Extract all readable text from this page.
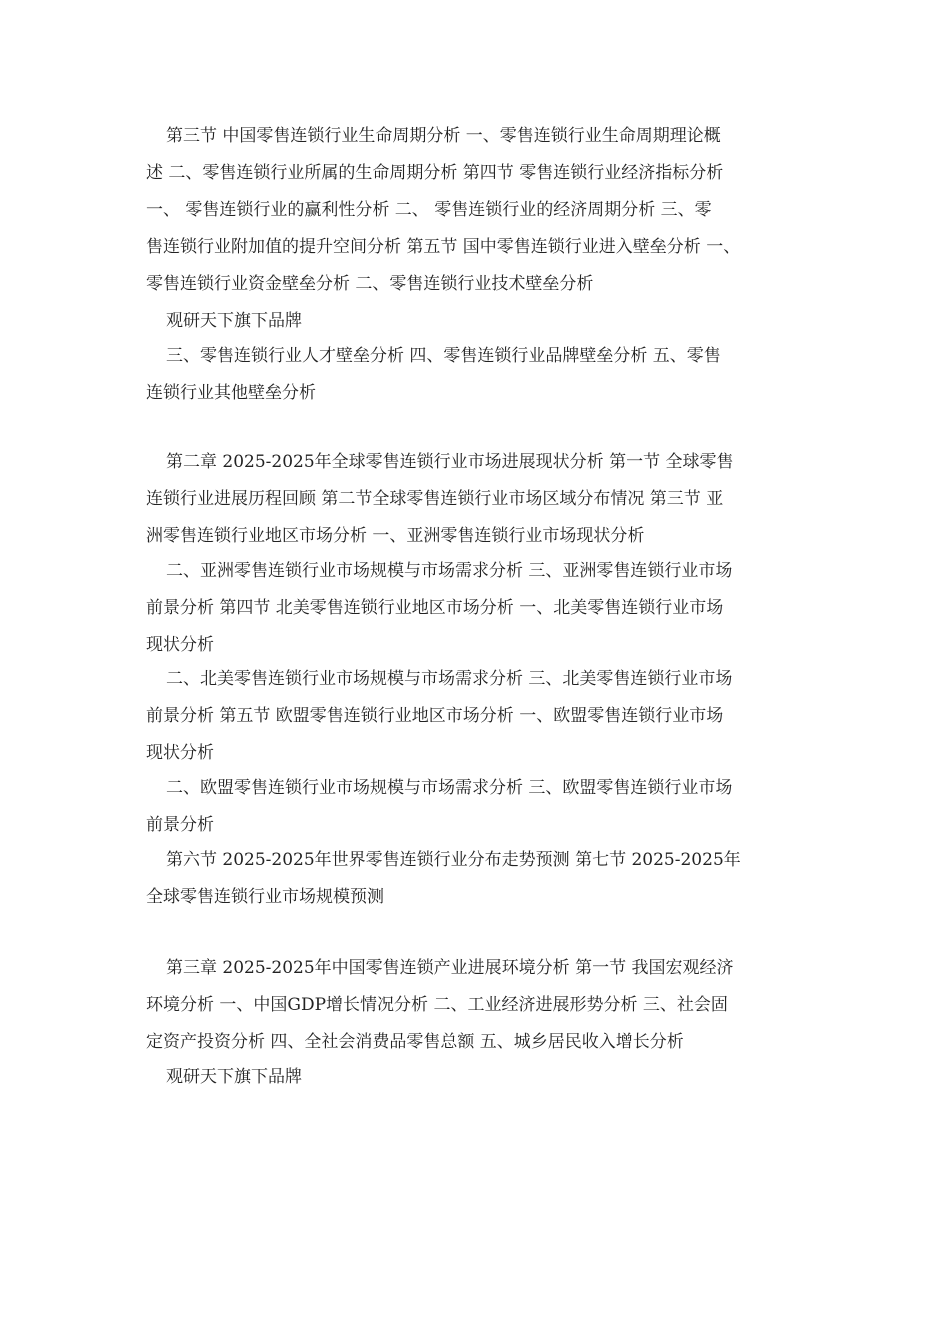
第三节 中国零售连锁行业生命周期分析 一、零售连锁行业生命周期理论概
述 二、零售连锁行业所属的生命周期分析 第四节 零售连锁行业经济指标分析
一、 零售连锁行业的赢利性分析 二、 零售连锁行业的经济周期分析 三、零
售连锁行业附加值的提升空间分析 第五节 国中零售连锁行业进入壁垒分析 一、
零售连锁行业资金壁垒分析 二、零售连锁行业技术壁垒分析

观研天下旗下品牌

三、零售连锁行业人才壁垒分析 四、零售连锁行业品牌壁垒分析 五、零售
连锁行业其他壁垒分析

第二章 2025-2025年全球零售连锁行业市场进展现状分析 第一节 全球零售
连锁行业进展历程回顾 第二节全球零售连锁行业市场区域分布情况 第三节 亚
洲零售连锁行业地区市场分析 一、亚洲零售连锁行业市场现状分析

二、亚洲零售连锁行业市场规模与市场需求分析 三、亚洲零售连锁行业市场
前景分析 第四节 北美零售连锁行业地区市场分析 一、北美零售连锁行业市场
现状分析

二、北美零售连锁行业市场规模与市场需求分析 三、北美零售连锁行业市场
前景分析 第五节 欧盟零售连锁行业地区市场分析 一、欧盟零售连锁行业市场
现状分析

二、欧盟零售连锁行业市场规模与市场需求分析 三、欧盟零售连锁行业市场
前景分析

第六节 2025-2025年世界零售连锁行业分布走势预测 第七节 2025-2025年
全球零售连锁行业市场规模预测

第三章 2025-2025年中国零售连锁产业进展环境分析 第一节 我国宏观经济
环境分析 一、中国GDP增长情况分析 二、工业经济进展形势分析 三、社会固
定资产投资分析 四、全社会消费品零售总额 五、城乡居民收入增长分析

观研天下旗下品牌
